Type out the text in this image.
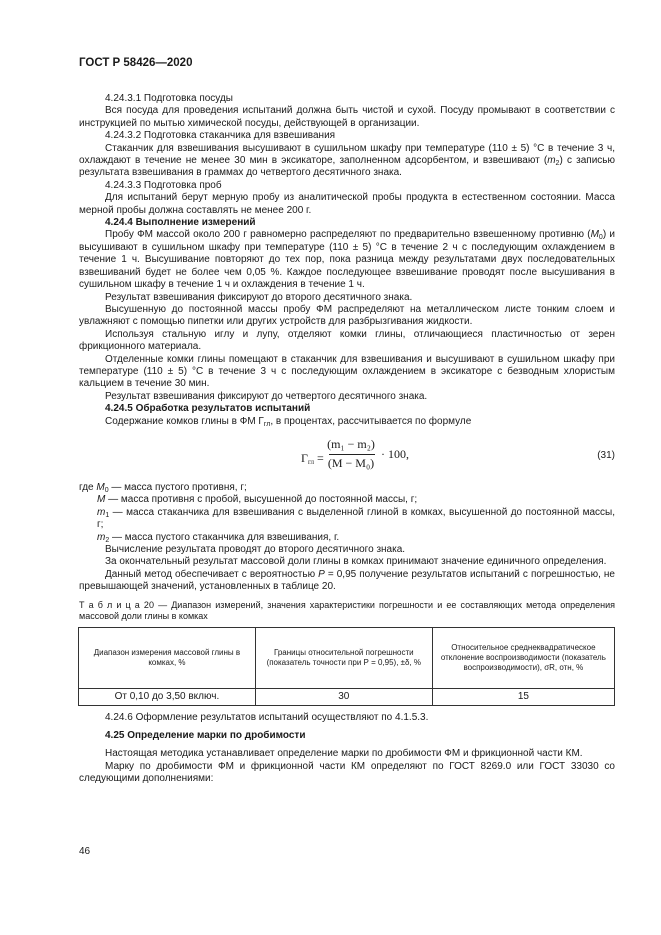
ГОСТ Р 58426—2020

4.24.3.1 Подготовка посуды

Вся посуда для проведения испытаний должна быть чистой и сухой. Посуду промывают в соответствии с инструкцией по мытью химической посуды, действующей в организации.

4.24.3.2 Подготовка стаканчика для взвешивания

Стаканчик для взвешивания высушивают в сушильном шкафу при температуре (110 ± 5) °С в течение 3 ч, охлаждают в течение не менее 30 мин в эксикаторе, заполненном адсорбентом, и взвешивают $(m_2)$ с записью результата взвешивания в граммах до четвертого десятичного знака.

4.24.3.3 Подготовка проб

Для испытаний берут мерную пробу из аналитической пробы продукта в естественном состоянии. Масса мерной пробы должна составлять не менее 200 г.

4.24.4 Выполнение измерений

Пробу ФМ массой около 200 г равномерно распределяют по предварительно взвешенному противню $(M_0)$ и высушивают в сушильном шкафу при температуре (110 ± 5) °С в течение 2 ч с последующим охлаждением в течение 1 ч. Высушивание повторяют до тех пор, пока разница между результатами двух последовательных взвешиваний будет не более чем 0,05 %. Каждое последующее взвешивание проводят после высушивания в сушильном шкафу в течение 1 ч и охлаждения в течение 1 ч.

Результат взвешивания фиксируют до второго десятичного знака.

Высушенную до постоянной массы пробу ФМ распределяют на металлическом листе тонким слоем и увлажняют с помощью пипетки или других устройств для разбрызгивания жидкости.

Используя стальную иглу и лупу, отделяют комки глины, отличающиеся пластичностью от зерен фрикционного материала.

Отделенные комки глины помещают в стаканчик для взвешивания и высушивают в сушильном шкафу при температуре (110 ± 5) °С в течение 3 ч с последующим охлаждением в эксикаторе с безводным хлористым кальцием в течение 30 мин.

Результат взвешивания фиксируют до четвертого десятичного знака.

4.24.5 Обработка результатов испытаний

Содержание комков глины в ФМ $Г_{гл}$, в процентах, рассчитывается по формуле

$Г_{гл}$ =
(m₁ − m₂)
(M − M₀)
· 100,	(31)

где $M_0$ — масса пустого противня, г;

M — масса противня с пробой, высушенной до постоянной массы, г;

$m_1$ — масса стаканчика для взвешивания с выделенной глиной в комках, высушенной до постоянной массы, г;

$m_2$ — масса пустого стаканчика для взвешивания, г.

Вычисление результата проводят до второго десятичного знака.

За окончательный результат массовой доли глины в комках принимают значение единичного определения.

Данный метод обеспечивает с вероятностью Р = 0,95 получение результатов испытаний с погрешностью, не превышающей значений, установленных в таблице 20.

Т а б л и ц а 20 — Диапазон измерений, значения характеристики погрешности и ее составляющих метода определения массовой доли глины в комках

Диапазон измерения массовой глины в комках, %	Границы относительной погрешности (показатель точности при Р = 0,95), ±δ, %	Относительное среднеквадратическое отклонение воспроизводимости (показатель воспроизводимости), σR, отн, %
От 0,10 до 3,50 включ.	30	15

4.24.6 Оформление результатов испытаний осуществляют по 4.1.5.3.

4.25 Определение марки по дробимости

Настоящая методика устанавливает определение марки по дробимости ФМ и фрикционной части КМ.

Марку по дробимости ФМ и фрикционной части КМ определяют по ГОСТ 8269.0 или ГОСТ 33030 со следующими дополнениями:

46
